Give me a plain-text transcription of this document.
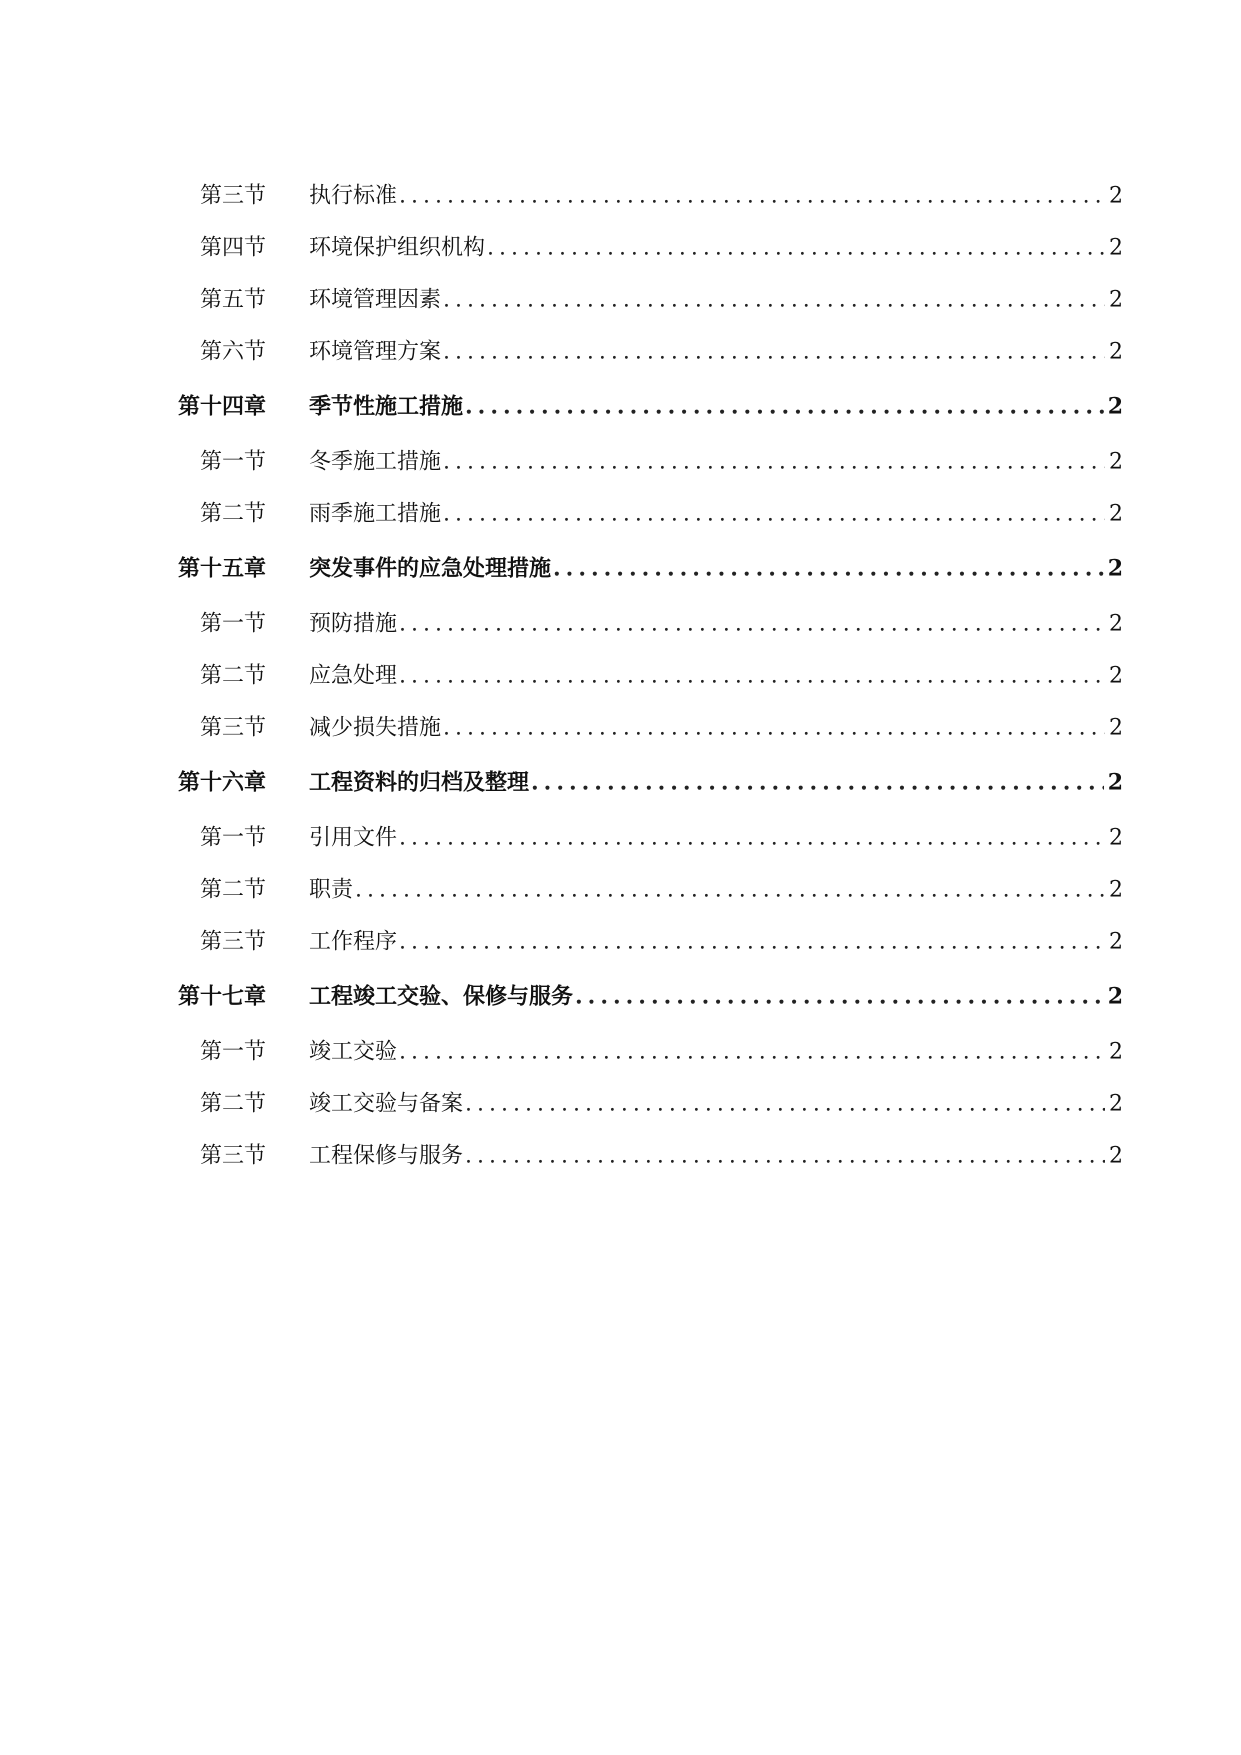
第三节 执行标准 .....	2
第四节 环境保护组织机构 .....	2
第五节 环境管理因素 .....	2
第六节 环境管理方案 .....	2
第十四章 季节性施工措施 .....	2
第一节 冬季施工措施 .....	2
第二节 雨季施工措施 .....	2
第十五章 突发事件的应急处理措施 .....	2
第一节 预防措施 .....	2
第二节 应急处理 .....	2
第三节 减少损失措施 .....	2
第十六章 工程资料的归档及整理 .....	2
第一节 引用文件 .....	2
第二节 职责 .....	2
第三节 工作程序 .....	2
第十七章 工程竣工交验、保修与服务 .....	2
第一节 竣工交验 .....	2
第二节 竣工交验与备案 .....	2
第三节 工程保修与服务 .....	2
